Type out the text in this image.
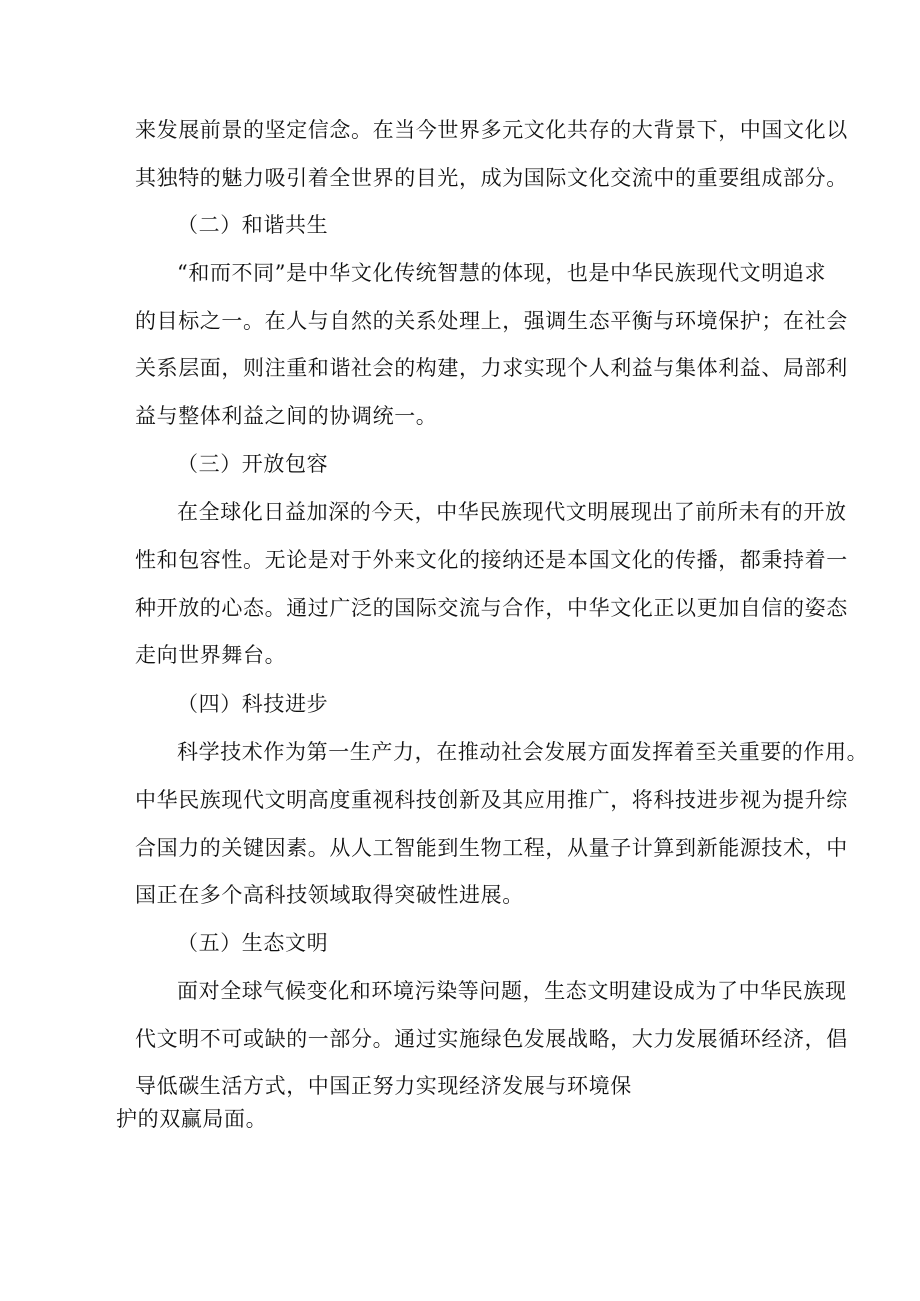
来发展前景的坚定信念。在当今世界多元文化共存的大背景下，中国文化以
其独特的魅力吸引着全世界的目光，成为国际文化交流中的重要组成部分。
（二）和谐共生
“和而不同”是中华文化传统智慧的体现，也是中华民族现代文明追求
的目标之一。在人与自然的关系处理上，强调生态平衡与环境保护；在社会
关系层面，则注重和谐社会的构建，力求实现个人利益与集体利益、局部利
益与整体利益之间的协调统一。
（三）开放包容
在全球化日益加深的今天，中华民族现代文明展现出了前所未有的开放
性和包容性。无论是对于外来文化的接纳还是本国文化的传播，都秉持着一
种开放的心态。通过广泛的国际交流与合作，中华文化正以更加自信的姿态
走向世界舞台。
（四）科技进步
科学技术作为第一生产力，在推动社会发展方面发挥着至关重要的作用。
中华民族现代文明高度重视科技创新及其应用推广，将科技进步视为提升综
合国力的关键因素。从人工智能到生物工程，从量子计算到新能源技术，中
国正在多个高科技领域取得突破性进展。
（五）生态文明
面对全球气候变化和环境污染等问题，生态文明建设成为了中华民族现
代文明不可或缺的一部分。通过实施绿色发展战略，大力发展循环经济，倡
导低碳生活方式，中国正努力实现经济发展与环境保
护的双赢局面。
